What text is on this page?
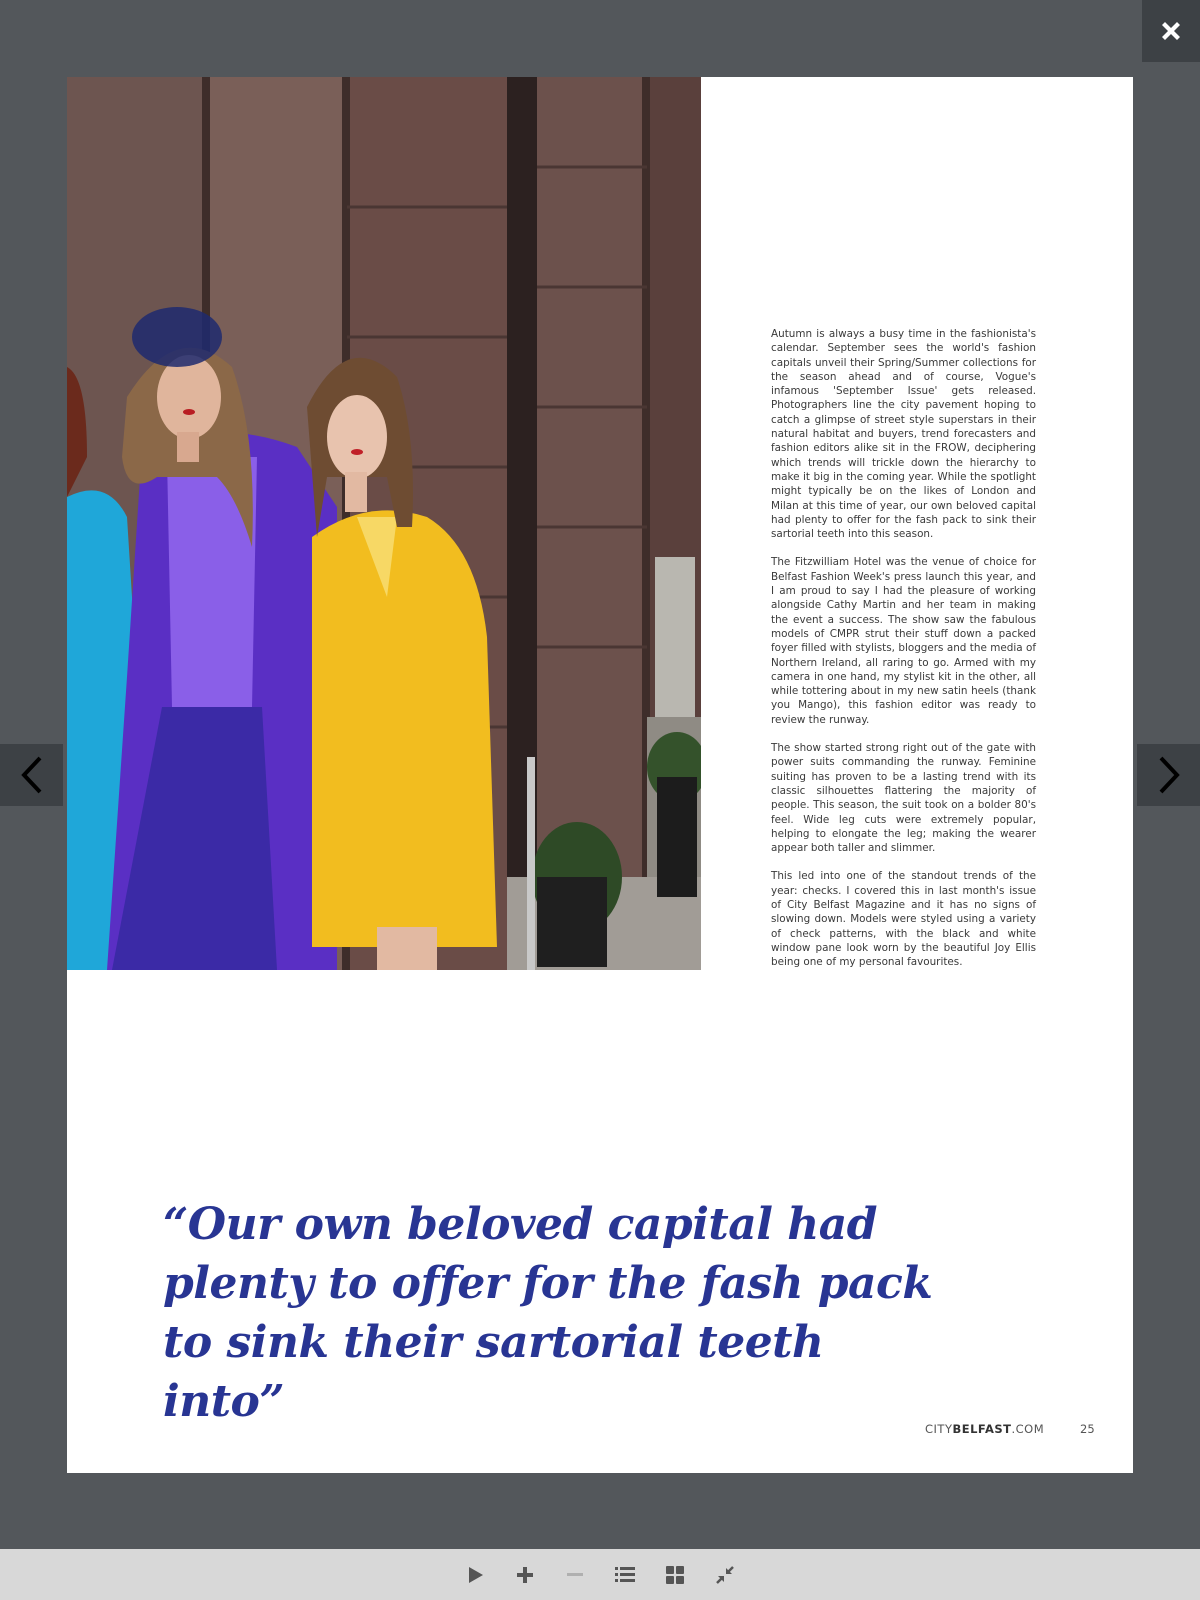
Autumn is always a busy time in the fashionista's calendar. September sees the world's fashion capitals unveil their Spring/Summer collections for the season ahead and of course, Vogue's infamous 'September Issue' gets released. Photographers line the city pavement hoping to catch a glimpse of street style superstars in their natural habitat and buyers, trend forecasters and fashion editors alike sit in the FROW, deciphering which trends will trickle down the hierarchy to make it big in the coming year. While the spotlight might typically be on the likes of London and Milan at this time of year, our own beloved capital had plenty to offer for the fash pack to sink their sartorial teeth into this season.

The Fitzwilliam Hotel was the venue of choice for Belfast Fashion Week's press launch this year, and I am proud to say I had the pleasure of working alongside Cathy Martin and her team in making the event a success. The show saw the fabulous models of CMPR strut their stuff down a packed foyer filled with stylists, bloggers and the media of Northern Ireland, all raring to go. Armed with my camera in one hand, my stylist kit in the other, all while tottering about in my new satin heels (thank you Mango), this fashion editor was ready to review the runway.

The show started strong right out of the gate with power suits commanding the runway. Feminine suiting has proven to be a lasting trend with its classic silhouettes flattering the majority of people. This season, the suit took on a bolder 80's feel. Wide leg cuts were extremely popular, helping to elongate the leg; making the wearer appear both taller and slimmer.

This led into one of the standout trends of the year: checks. I covered this in last month's issue of City Belfast Magazine and it has no signs of slowing down. Models were styled using a variety of check patterns, with the black and white window pane look worn by the beautiful Joy Ellis being one of my personal favourites.

“Our own beloved capital had plenty to offer for the fash pack to sink their sartorial teeth into”
CITYBELFAST.COM	25
